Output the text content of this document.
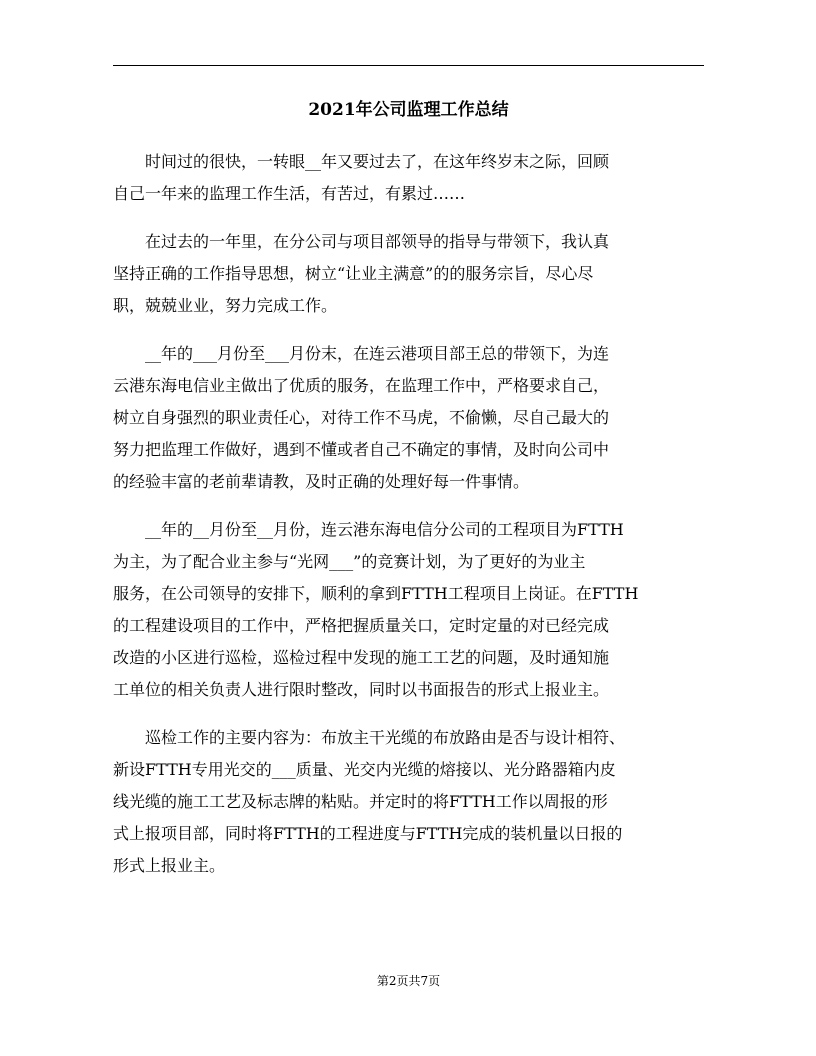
2021年公司监理工作总结
时间过的很快，一转眼__年又要过去了，在这年终岁末之际，回顾
自己一年来的监理工作生活，有苦过，有累过……
在过去的一年里，在分公司与项目部领导的指导与带领下，我认真
坚持正确的工作指导思想，树立“让业主满意”的的服务宗旨，尽心尽
职，兢兢业业，努力完成工作。
__年的___月份至___月份末，在连云港项目部王总的带领下，为连
云港东海电信业主做出了优质的服务，在监理工作中，严格要求自己，
树立自身强烈的职业责任心，对待工作不马虎，不偷懒，尽自己最大的
努力把监理工作做好，遇到不懂或者自己不确定的事情，及时向公司中
的经验丰富的老前辈请教，及时正确的处理好每一件事情。
__年的__月份至__月份，连云港东海电信分公司的工程项目为FTTH
为主，为了配合业主参与“光网___”的竞赛计划，为了更好的为业主
服务，在公司领导的安排下，顺利的拿到FTTH工程项目上岗证。在FTTH
的工程建设项目的工作中，严格把握质量关口，定时定量的对已经完成
改造的小区进行巡检，巡检过程中发现的施工工艺的问题，及时通知施
工单位的相关负责人进行限时整改，同时以书面报告的形式上报业主。
巡检工作的主要内容为：布放主干光缆的布放路由是否与设计相符、
新设FTTH专用光交的___质量、光交内光缆的熔接以、光分路器箱内皮
线光缆的施工工艺及标志牌的粘贴。并定时的将FTTH工作以周报的形
式上报项目部，同时将FTTH的工程进度与FTTH完成的装机量以日报的
形式上报业主。
第2页共7页
